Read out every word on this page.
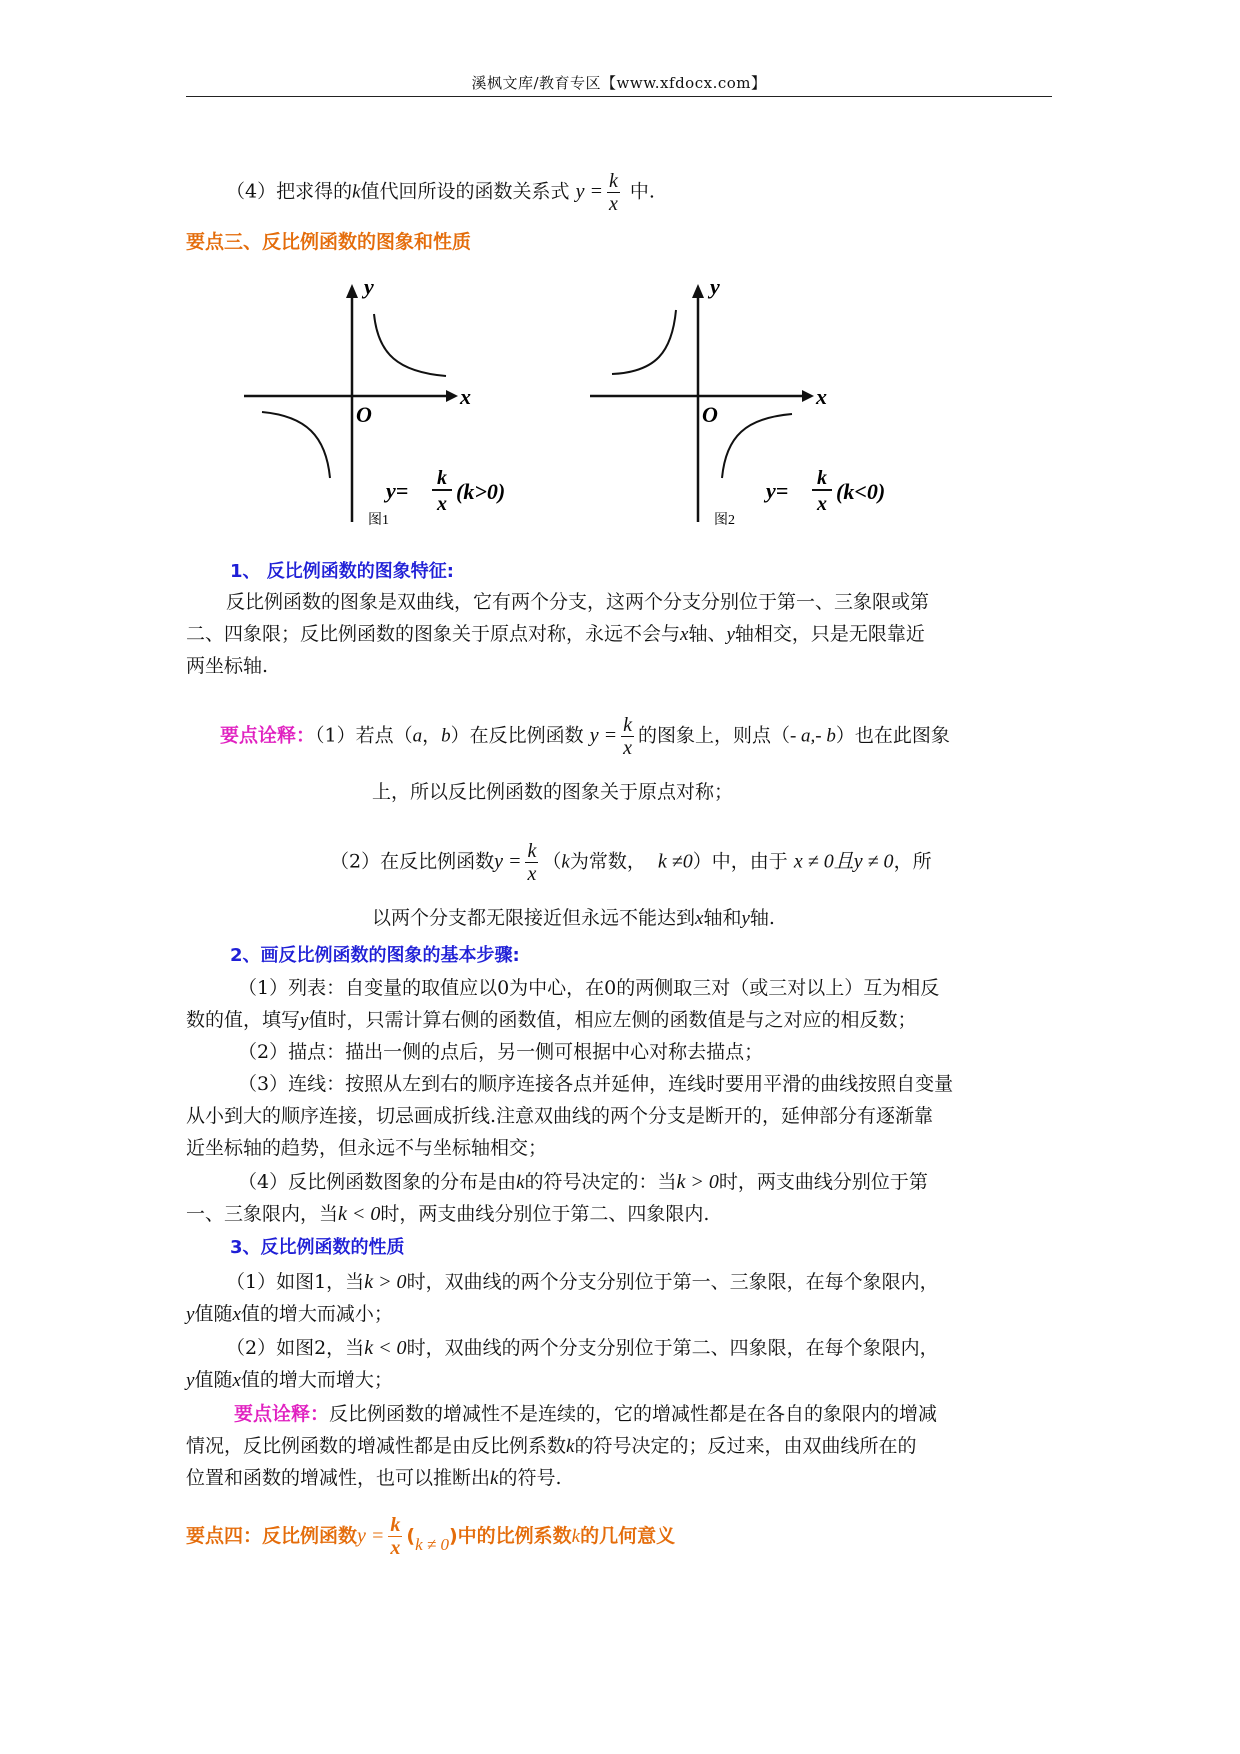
溪枫文库/教育专区【www.xfdocx.com】
（4）把求得的k值代回所设的函数关系式 $y = \frac{k}{x}$ 中.
要点三、反比例函数的图象和性质
y
x
O
y= k
x (k>0)
图1
y
x
O
y= k
x (k<0)
图2
1、 反比例函数的图象特征:
反比例函数的图象是双曲线，它有两个分支，这两个分支分别位于第一、三象限或第
二、四象限；反比例函数的图象关于原点对称，永远不会与x轴、y轴相交，只是无限靠近
两坐标轴.
要点诠释：（1）若点（a，b）在反比例函数 $y = \frac{k}{x}$ 的图象上，则点（- a,- b）也在此图象
上，所以反比例函数的图象关于原点对称；
（2）在反比例函数$y = \frac{k}{x} (k$为常数， k ≠0）中，由于 x ≠ 0且y ≠ 0，所
以两个分支都无限接近但永远不能达到x轴和y轴.
2、画反比例函数的图象的基本步骤:
（1）列表：自变量的取值应以0为中心，在0的两侧取三对（或三对以上）互为相反
数的值，填写y值时，只需计算右侧的函数值，相应左侧的函数值是与之对应的相反数；
（2）描点：描出一侧的点后，另一侧可根据中心对称去描点；
（3）连线：按照从左到右的顺序连接各点并延伸，连线时要用平滑的曲线按照自变量
从小到大的顺序连接，切忌画成折线.注意双曲线的两个分支是断开的，延伸部分有逐渐靠
近坐标轴的趋势，但永远不与坐标轴相交；
（4）反比例函数图象的分布是由k的符号决定的：当k > 0时，两支曲线分别位于第
一、三象限内，当k < 0时，两支曲线分别位于第二、四象限内.
3、反比例函数的性质
（1）如图1，当k > 0时，双曲线的两个分支分别位于第一、三象限，在每个象限内，
y值随x值的增大而减小；
（2）如图2，当k < 0时，双曲线的两个分支分别位于第二、四象限，在每个象限内，
y值随x值的增大而增大；
要点诠释：反比例函数的增减性不是连续的，它的增减性都是在各自的象限内的增减
情况，反比例函数的增减性都是由反比例系数k的符号决定的；反过来，由双曲线所在的
位置和函数的增减性，也可以推断出k的符号.
要点四：反比例函数$y = \frac{k}{x} (k \ne 0)$中的比例系数k的几何意义
